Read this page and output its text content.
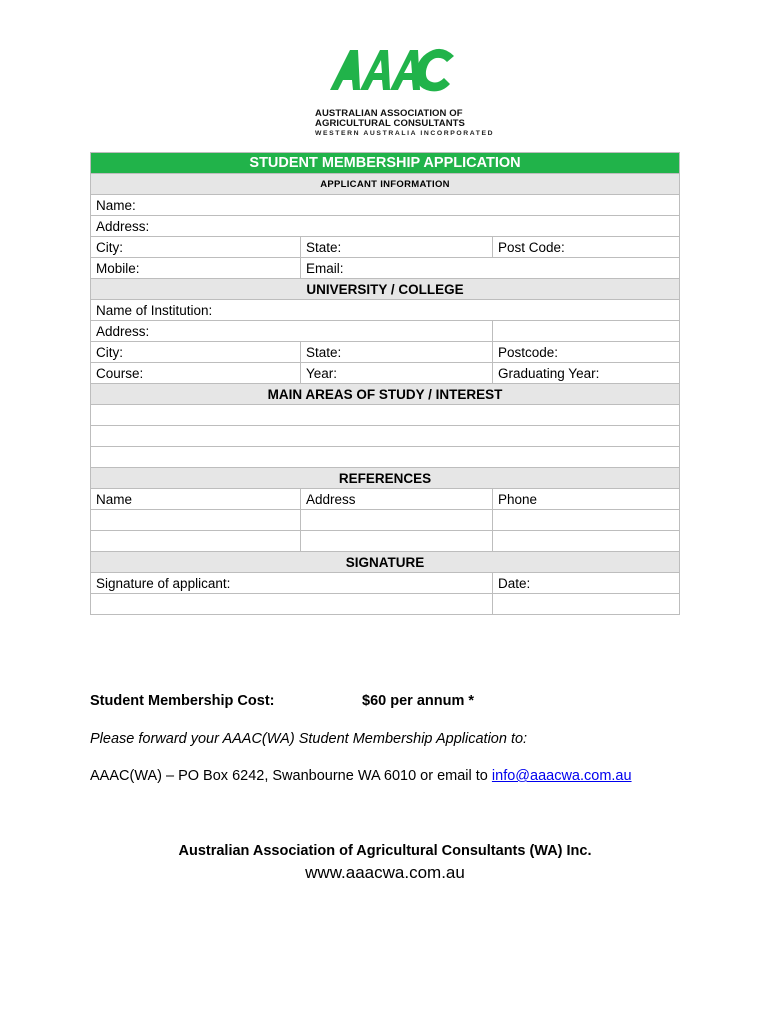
AUSTRALIAN ASSOCIATION OF
AGRICULTURAL CONSULTANTS
WESTERN AUSTRALIA INCORPORATED
STUDENT MEMBERSHIP APPLICATION		
APPLICANT INFORMATION		
Name:		
Address:		
City:	State:	Post Code:
Mobile:	Email:	
UNIVERSITY / COLLEGE		
Name of Institution:		
Address:		
City:	State:	Postcode:
Course:	Year:	Graduating Year:
MAIN AREAS OF STUDY / INTEREST		

REFERENCES		
Name	Address	Phone

SIGNATURE		
Signature of applicant:		Date:

Student Membership Cost:	$60 per annum *
Please forward your AAAC(WA) Student Membership Application to:
AAAC(WA) – PO Box 6242, Swanbourne WA 6010 or email to info@aaacwa.com.au
Australian Association of Agricultural Consultants (WA) Inc.
www.aaacwa.com.au
